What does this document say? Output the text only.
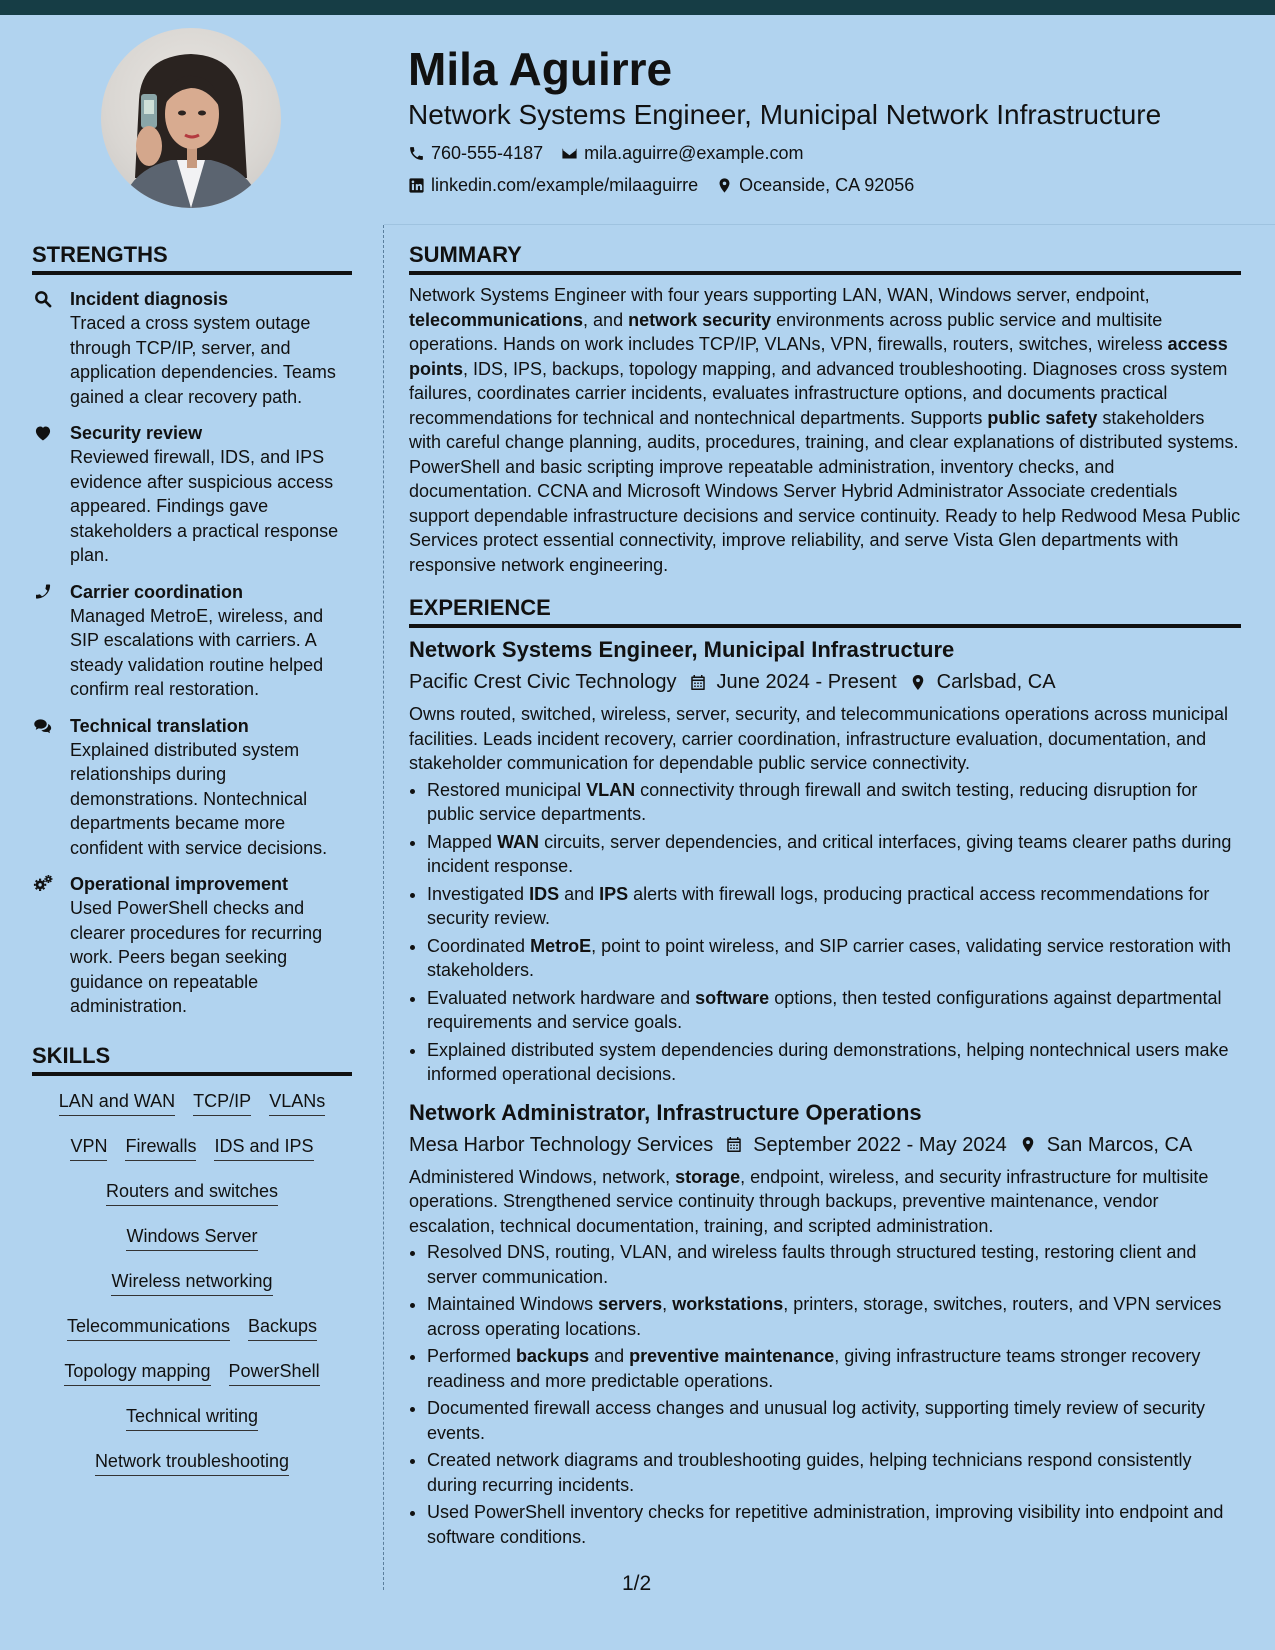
Mila Aguirre
Network Systems Engineer, Municipal Network Infrastructure
760-555-4187 mila.aguirre@example.com
linkedin.com/example/milaaguirre Oceanside, CA 92056
STRENGTHS
Incident diagnosis
Traced a cross system outage through TCP/IP, server, and application dependencies. Teams gained a clear recovery path.
Security review
Reviewed firewall, IDS, and IPS evidence after suspicious access appeared. Findings gave stakeholders a practical response plan.
Carrier coordination
Managed MetroE, wireless, and SIP escalations with carriers. A steady validation routine helped confirm real restoration.
Technical translation
Explained distributed system relationships during demonstrations. Nontechnical departments became more confident with service decisions.
Operational improvement
Used PowerShell checks and clearer procedures for recurring work. Peers began seeking guidance on repeatable administration.
SKILLS
LAN and WAN TCP/IP VLANs
VPN Firewalls IDS and IPS
Routers and switches
Windows Server
Wireless networking
Telecommunications Backups
Topology mapping PowerShell
Technical writing
Network troubleshooting
SUMMARY

Network Systems Engineer with four years supporting LAN, WAN, Windows server, endpoint, telecommunications, and network security environments across public service and multisite operations. Hands on work includes TCP/IP, VLANs, VPN, firewalls, routers, switches, wireless access points, IDS, IPS, backups, topology mapping, and advanced troubleshooting. Diagnoses cross system failures, coordinates carrier incidents, evaluates infrastructure options, and documents practical recommendations for technical and nontechnical departments. Supports public safety stakeholders with careful change planning, audits, procedures, training, and clear explanations of distributed systems. PowerShell and basic scripting improve repeatable administration, inventory checks, and documentation. CCNA and Microsoft Windows Server Hybrid Administrator Associate credentials support dependable infrastructure decisions and service continuity. Ready to help Redwood Mesa Public Services protect essential connectivity, improve reliability, and serve Vista Glen departments with responsive network engineering.

EXPERIENCE
Network Systems Engineer, Municipal Infrastructure
Pacific Crest Civic Technology June 2024 - Present Carlsbad, CA
Owns routed, switched, wireless, server, security, and telecommunications operations across municipal facilities. Leads incident recovery, carrier coordination, infrastructure evaluation, documentation, and stakeholder communication for dependable public service connectivity.
• Restored municipal VLAN connectivity through firewall and switch testing, reducing disruption for public service departments.
• Mapped WAN circuits, server dependencies, and critical interfaces, giving teams clearer paths during incident response.
• Investigated IDS and IPS alerts with firewall logs, producing practical access recommendations for security review.
• Coordinated MetroE, point to point wireless, and SIP carrier cases, validating service restoration with stakeholders.
• Evaluated network hardware and software options, then tested configurations against departmental requirements and service goals.
• Explained distributed system dependencies during demonstrations, helping nontechnical users make informed operational decisions.
Network Administrator, Infrastructure Operations
Mesa Harbor Technology Services September 2022 - May 2024 San Marcos, CA
Administered Windows, network, storage, endpoint, wireless, and security infrastructure for multisite operations. Strengthened service continuity through backups, preventive maintenance, vendor escalation, technical documentation, training, and scripted administration.
• Resolved DNS, routing, VLAN, and wireless faults through structured testing, restoring client and server communication.
• Maintained Windows servers, workstations, printers, storage, switches, routers, and VPN services across operating locations.
• Performed backups and preventive maintenance, giving infrastructure teams stronger recovery readiness and more predictable operations.
• Documented firewall access changes and unusual log activity, supporting timely review of security events.
• Created network diagrams and troubleshooting guides, helping technicians respond consistently during recurring incidents.
• Used PowerShell inventory checks for repetitive administration, improving visibility into endpoint and software conditions.
1/2
